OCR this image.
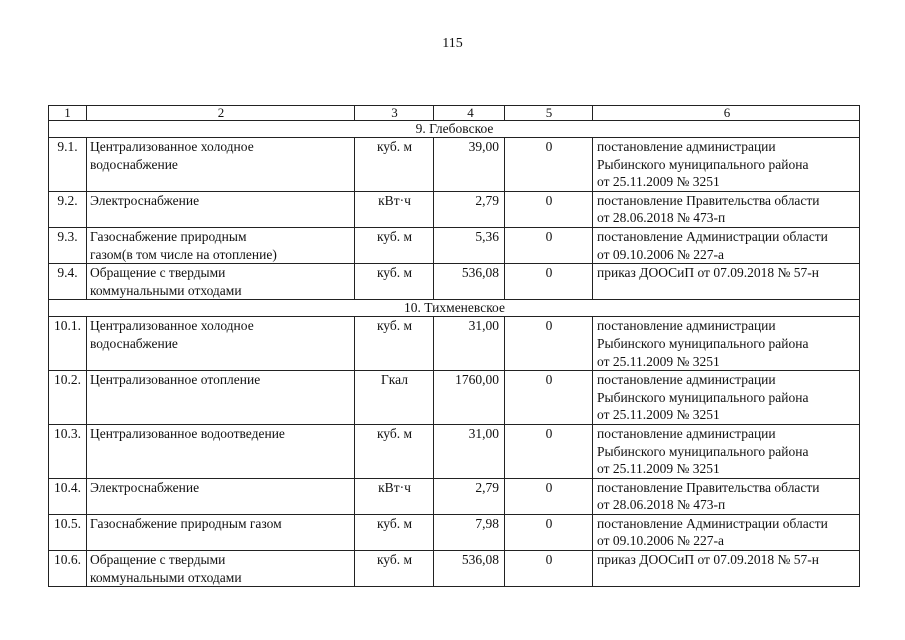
115
1	2	3	4	5	6
9. Глебовское					
9.1.	Централизованное холодное
водоснабжение	куб. м	39,00	0	постановление администрации
Рыбинского муниципального района
от 25.11.2009 № 3251
9.2.	Электроснабжение	кВт·ч	2,79	0	постановление Правительства области
от 28.06.2018 № 473-п
9.3.	Газоснабжение природным
газом(в том числе на отопление)	куб. м	5,36	0	постановление Администрации области
от 09.10.2006 № 227-а
9.4.	Обращение с твердыми
коммунальными отходами	куб. м	536,08	0	приказ ДООСиП от 07.09.2018 № 57-н
10. Тихменевское					
10.1.	Централизованное холодное
водоснабжение	куб. м	31,00	0	постановление администрации
Рыбинского муниципального района
от 25.11.2009 № 3251
10.2.	Централизованное отопление	Гкал	1760,00	0	постановление администрации
Рыбинского муниципального района
от 25.11.2009 № 3251
10.3.	Централизованное водоотведение	куб. м	31,00	0	постановление администрации
Рыбинского муниципального района
от 25.11.2009 № 3251
10.4.	Электроснабжение	кВт·ч	2,79	0	постановление Правительства области
от 28.06.2018 № 473-п
10.5.	Газоснабжение природным газом	куб. м	7,98	0	постановление Администрации области
от 09.10.2006 № 227-а
10.6.	Обращение с твердыми
коммунальными отходами	куб. м	536,08	0	приказ ДООСиП от 07.09.2018 № 57-н
